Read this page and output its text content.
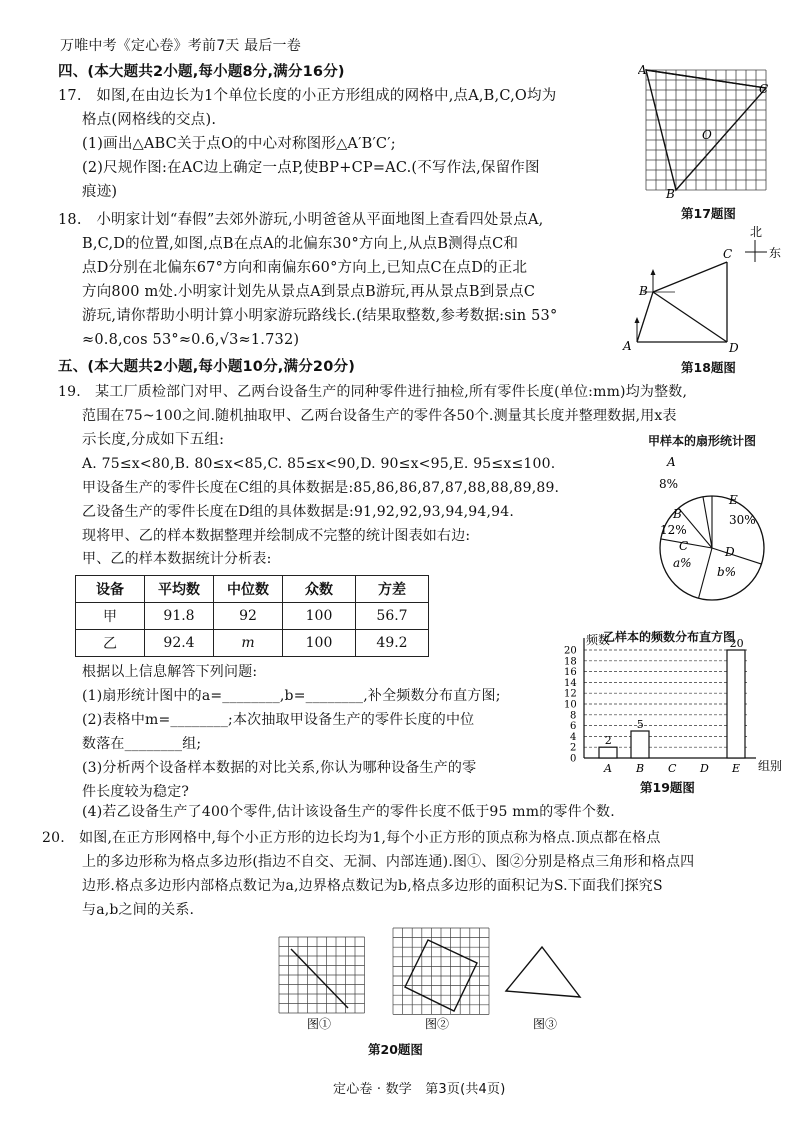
万唯中考《定心卷》考前7天 最后一卷
四、(本大题共2小题,每小题8分,满分16分)
17.　如图,在由边长为1个单位长度的小正方形组成的网格中,点A,B,C,O均为
格点(网格线的交点).
(1)画出△ABC关于点O的中心对称图形△A′B′C′;
(2)尺规作图:在AC边上确定一点P,使BP+CP=AC.(不写作法,保留作图
痕迹)
A
C
B
O
第17题图
18.　小明家计划“春假”去郊外游玩,小明爸爸从平面地图上查看四处景点A,
B,C,D的位置,如图,点B在点A的北偏东30°方向上,从点B测得点C和
点D分别在北偏东67°方向和南偏东60°方向上,已知点C在点D的正北
方向800 m处.小明家计划先从景点A到景点B游玩,再从景点B到景点C
游玩,请你帮助小明计算小明家游玩路线长.(结果取整数,参考数据:sin 53°
≈0.8,cos 53°≈0.6,√3≈1.732)
北
东
A
B
C
D
第18题图
五、(本大题共2小题,每小题10分,满分20分)
19.　某工厂质检部门对甲、乙两台设备生产的同种零件进行抽检,所有零件长度(单位:mm)均为整数,
范围在75~100之间.随机抽取甲、乙两台设备生产的零件各50个.测量其长度并整理数据,用x表
示长度,分成如下五组:	甲样本的扇形统计图
A. 75≤x<80,B. 80≤x<85,C. 85≤x<90,D. 90≤x<95,E. 95≤x≤100.
甲设备生产的零件长度在C组的具体数据是:85,86,86,87,87,88,88,89,89.
乙设备生产的零件长度在D组的具体数据是:91,92,92,93,94,94,94.
现将甲、乙的样本数据整理并绘制成不完整的统计图表如右边:
甲、乙的样本数据统计分析表:
A
8%
E
30%
B
12%
C
a%
D
b%
设备	平均数	中位数	众数	方差
甲	91.8	92	100	56.7
乙	92.4	m	100	49.2	乙样本的频数分布直方图
根据以上信息解答下列问题:
(1)扇形统计图中的a=________,b=________,补全频数分布直方图;
(2)表格中m=________;本次抽取甲设备生产的零件长度的中位
数落在________组;
(3)分析两个设备样本数据的对比关系,你认为哪种设备生产的零
件长度较为稳定?
0
2
4
6
8
10
12
14
16
18
20
A B C D E
2
5
20
频数
组别
第19题图
(4)若乙设备生产了400个零件,估计该设备生产的零件长度不低于95 mm的零件个数.
20.　如图,在正方形网格中,每个小正方形的边长均为1,每个小正方形的顶点称为格点.顶点都在格点
上的多边形称为格点多边形(指边不自交、无洞、内部连通).图①、图②分别是格点三角形和格点四
边形.格点多边形内部格点数记为a,边界格点数记为b,格点多边形的面积记为S.下面我们探究S
与a,b之间的关系.
图①	图②	图③
第20题图
定心卷 · 数学　第3页(共4页)
